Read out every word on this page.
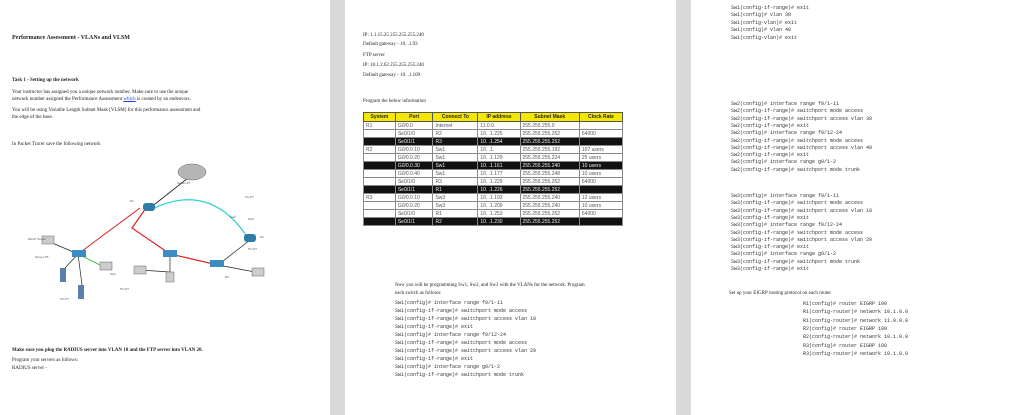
Performance Assessment - VLANs and VLSM
Task 1 - Setting up the network
Your instructor has assigned you a unique network number. Make sure to use the unique
network number assigned the Performance Assessment which is created by an endeavors.
You will be using Variable Length Subnet Mask (VLSM) for this performance assessment and
the edge of the base.
In Packet Tracer save the following network
Server-PT
DHCP Server
Server-PT
Sw1
Sw2	Sw3
R1
R2
R3
PC-PT
PC-PT
PC-PT
PC-PT
Make sure you plug the RADIUS server into VLAN 10 and the FTP server into VLAN 20.
Program your servers as follows:
RADIUS server -
IP: 1.1.15.25 255.255.255.240
Default gateway - 10. .1.93
FTP server
IP: 10.1.2.62 255.255.255.240
Default gateway - 10. .1.109
Program the below information
System	Port	Connect To	IP address	Subnet Mask	Clock Rate
R1	G0/0.0	Internet	11.0.0.	255.255.255.0	
	Se0/1/0	R2	10. .1.225	255.255.255.252	64000
	Se0/1/1	R3	10. .1.254	255.255.255.252	
R2	G0/0.0.10	Sw1	10. .1.	255.255.255.192	107 users
	G0/0.0.20	Sw1	10. .1.129	255.255.255.224	25 users
	G0/0.0.30	Sw1	10. .1.161	255.255.255.240	10 users
	G0/0.0.40	Sw1	10. .1.177	255.255.255.248	10 users
	Se0/1/0	R3	10. .1.229	255.255.255.252	64000
	Se0/1/1	R1	10. .1.226	255.255.255.252	
R3	G0/0.0.10	Sw3	10. .1.193	255.255.255.240	12 users
	G0/0.0.20	Sw3	10. .1.209	255.255.255.240	10 users
	Se0/1/0	R1	10. .1.253	255.255.255.252	64000
	Se0/1/1	R2	10. .1.230	255.255.255.252	
Now you will be programming Sw1, Sw2, and Sw3 with the VLANs for the network. Program
each switch as follows:
Sw1(config)# interface range f0/1-11
Sw1(config-if-range)# switchport mode access
Sw1(config-if-range)# switchport access vlan 10
Sw1(config-if-range)# exit
Sw1(config)# interface range f0/12-24
Sw1(config-if-range)# switchport mode access
Sw1(config-if-range)# switchport access vlan 20
Sw1(config-if-range)# exit
Sw1(config)# interface range g0/1-2
Sw1(config-if-range)# switchport mode trunk
Sw1(config-if-range)# exit
Sw1(config)# vlan 30
Sw1(config-vlan)# exit
Sw1(config)# vlan 40
Sw1(config-vlan)# exit
Sw2(config)# interface range f0/1-11
Sw2(config-if-range)# switchport mode access
Sw2(config-if-range)# switchport access vlan 30
Sw2(config-if-range)# exit
Sw2(config)# interface range f0/12-24
Sw2(config-if-range)# switchport mode access
Sw2(config-if-range)# switchport access vlan 40
Sw2(config-if-range)# exit
Sw2(config)# interface range g0/1-2
Sw2(config-if-range)# switchport mode trunk
Sw3(config)# interface range f0/1-11
Sw3(config-if-range)# switchport mode access
Sw3(config-if-range)# switchport access vlan 10
Sw3(config-if-range)# exit
Sw3(config)# interface range f0/12-24
Sw3(config-if-range)# switchport mode access
Sw3(config-if-range)# switchport access vlan 20
Sw3(config-if-range)# exit
Sw3(config)# interface range g0/1-2
Sw3(config-if-range)# switchport mode trunk
Sw3(config-if-range)# exit
Set up your EIGRP routing protocol on each router
R1(config)# router EIGRP 100
R1(config-router)# network 10.1.0.0
R1(config-router)# network 11.0.0.0
R2(config)# router EIGRP 100
R2(config-router)# network 10.1.0.0
R3(config)# router EIGRP 100
R3(config-router)# network 10.1.0.0
